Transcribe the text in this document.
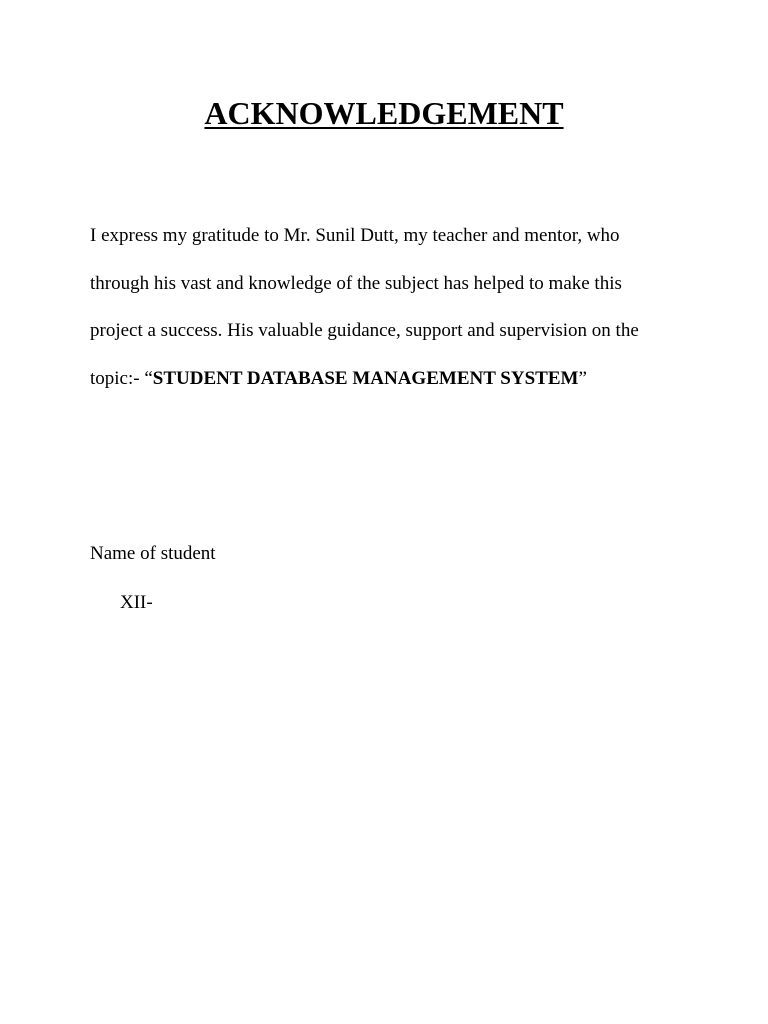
ACKNOWLEDGEMENT

I express my gratitude to Mr. Sunil Dutt, my teacher and mentor, who
through his vast and knowledge of the subject has helped to make this
project a success. His valuable guidance, support and supervision on the
topic:- “STUDENT DATABASE MANAGEMENT SYSTEM”

Name of student

XII-
